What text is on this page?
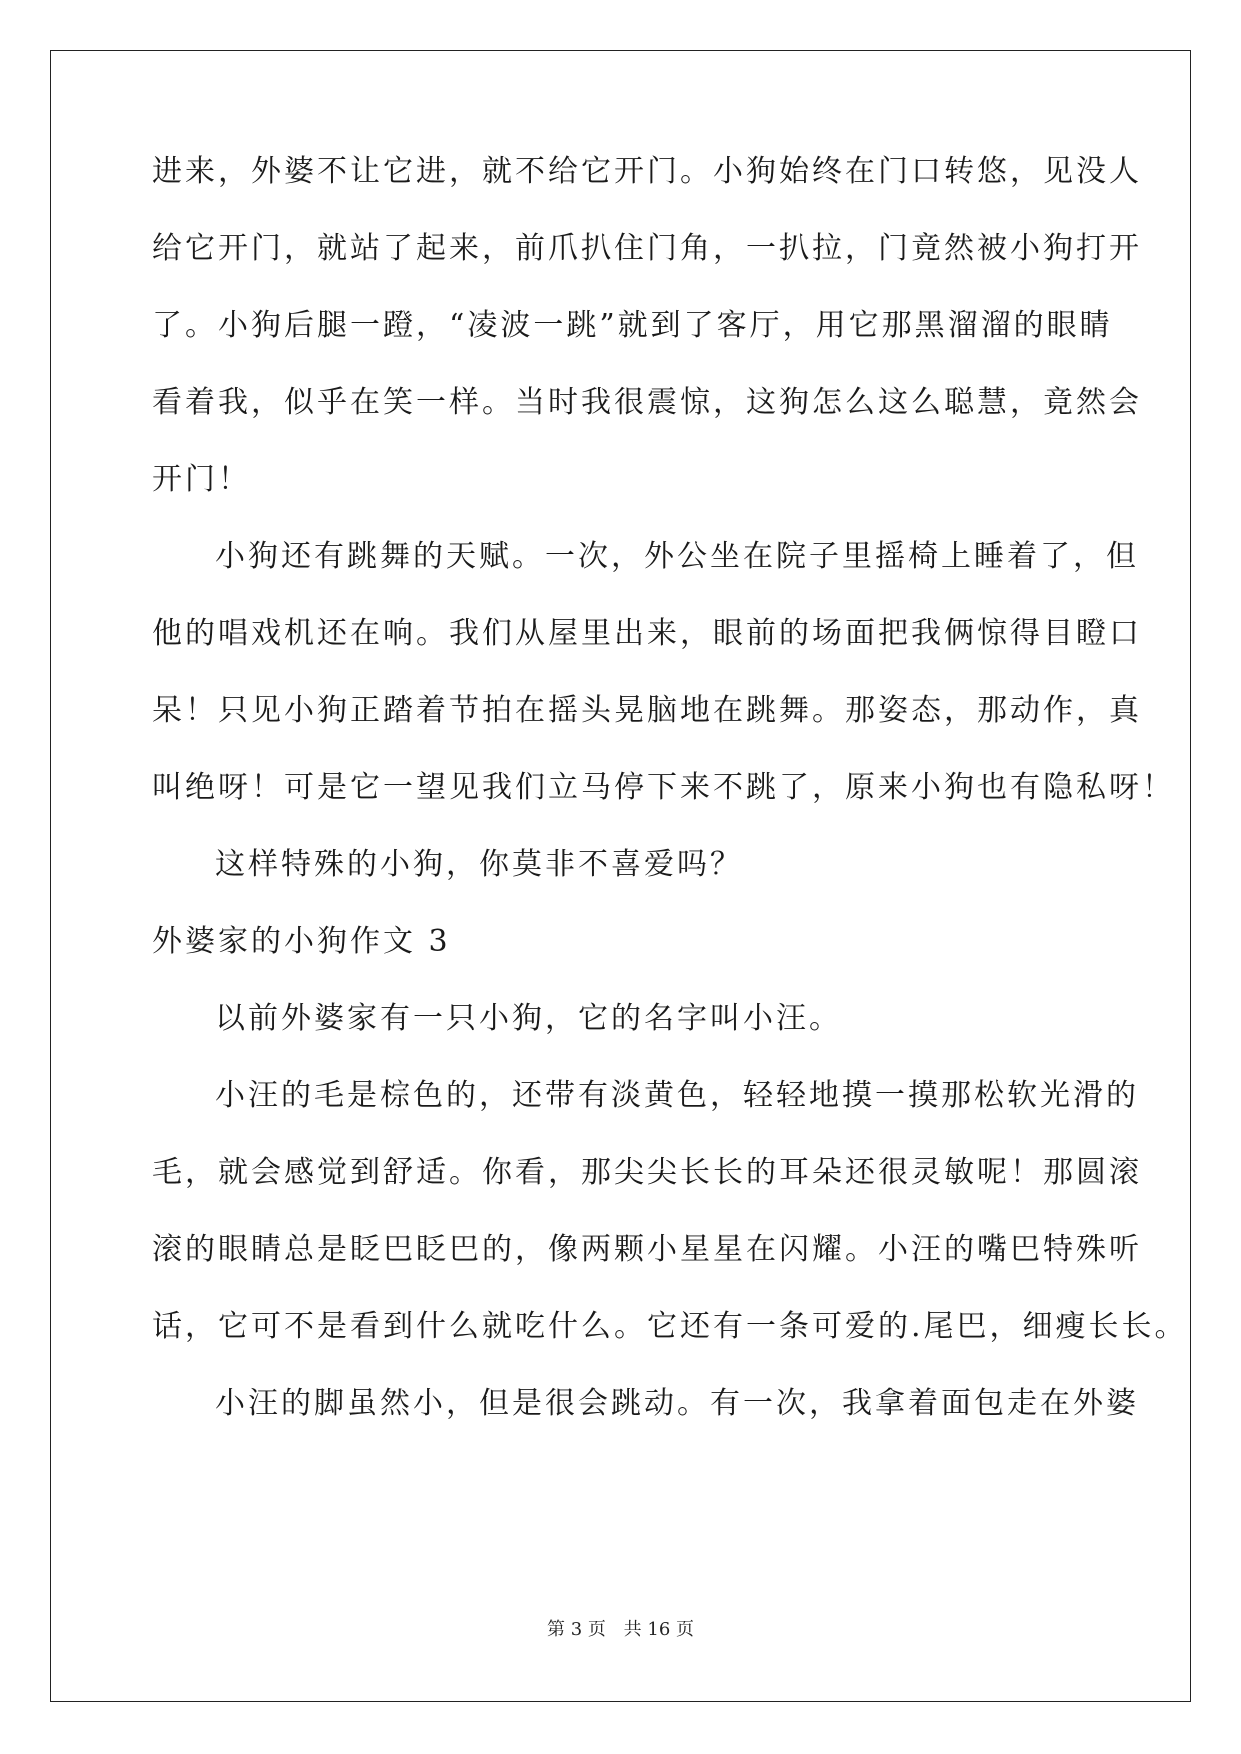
进来，外婆不让它进，就不给它开门。小狗始终在门口转悠，见没人
给它开门，就站了起来，前爪扒住门角，一扒拉，门竟然被小狗打开
了。小狗后腿一蹬，“凌波一跳”就到了客厅，用它那黑溜溜的眼睛
看着我，似乎在笑一样。当时我很震惊，这狗怎么这么聪慧，竟然会
开门！
小狗还有跳舞的天赋。一次，外公坐在院子里摇椅上睡着了，但
他的唱戏机还在响。我们从屋里出来，眼前的场面把我俩惊得目瞪口
呆！只见小狗正踏着节拍在摇头晃脑地在跳舞。那姿态，那动作，真
叫绝呀！可是它一望见我们立马停下来不跳了，原来小狗也有隐私呀！
这样特殊的小狗，你莫非不喜爱吗？
外婆家的小狗作文 3
以前外婆家有一只小狗，它的名字叫小汪。
小汪的毛是棕色的，还带有淡黄色，轻轻地摸一摸那松软光滑的
毛，就会感觉到舒适。你看，那尖尖长长的耳朵还很灵敏呢！那圆滚
滚的眼睛总是眨巴眨巴的，像两颗小星星在闪耀。小汪的嘴巴特殊听
话，它可不是看到什么就吃什么。它还有一条可爱的.尾巴，细瘦长长。
小汪的脚虽然小，但是很会跳动。有一次，我拿着面包走在外婆
第 3 页 共 16 页
